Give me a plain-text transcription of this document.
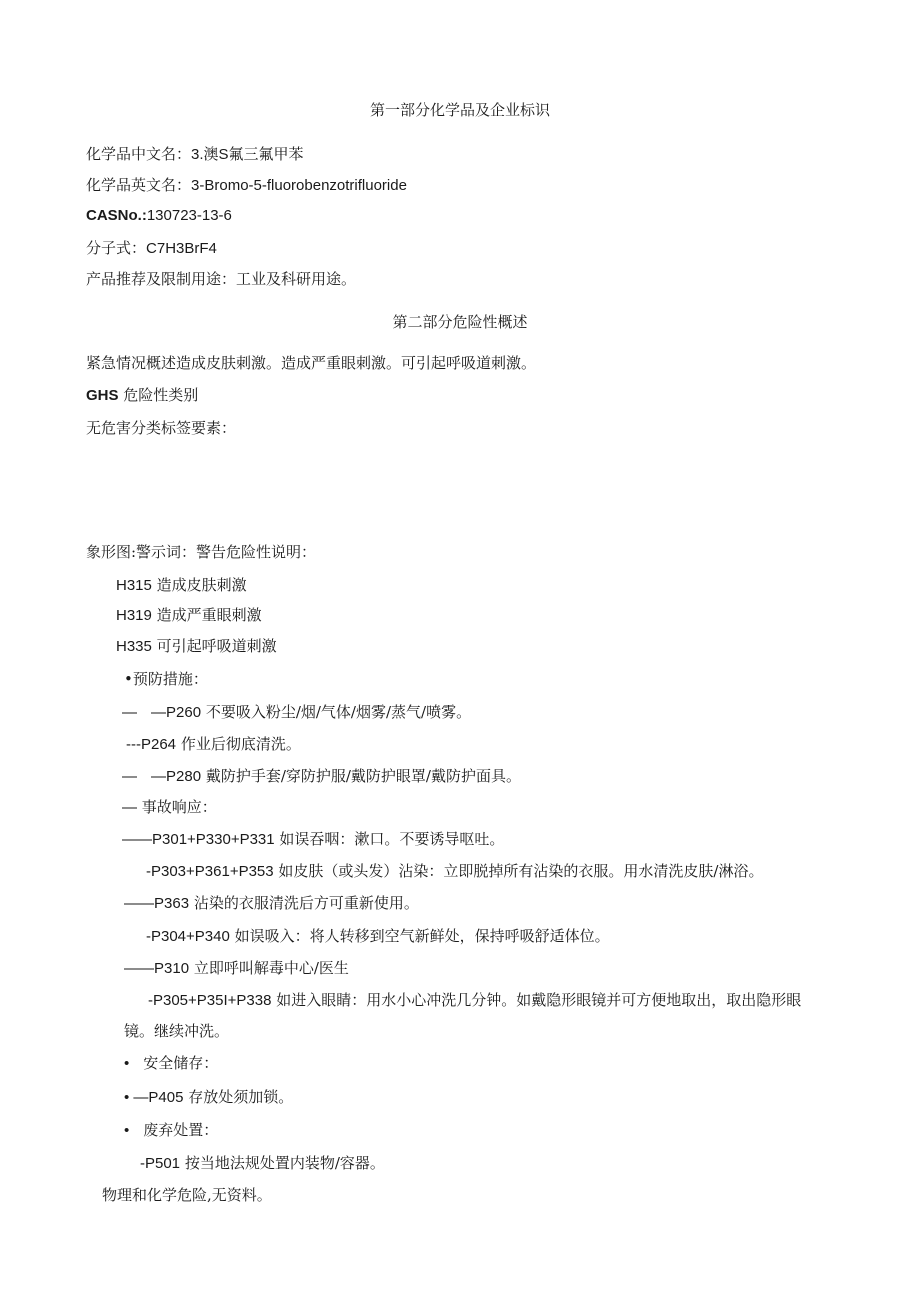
第一部分化学品及企业标识
化学品中文名：3.澳S氟三氟甲苯
化学品英文名：3-Bromo-5-fluorobenzotrifluoride
CASNo.:130723-13-6
分子式：C7H3BrF4
产品推荐及限制用途：工业及科研用途。
第二部分危险性概述
紧急情况概述造成皮肤刺激。造成严重眼刺激。可引起呼吸道刺激。
GHS 危险性类别
无危害分类标签要素：
象形图:警示词：警告危险性说明：
H315 造成皮肤刺激
H319 造成严重眼刺激
H335 可引起呼吸道刺激
•预防措施：
— —P260 不要吸入粉尘/烟/气体/烟雾/蒸气/喷雾。
---P264 作业后彻底清洗。
— —P280 戴防护手套/穿防护服/戴防护眼罩/戴防护面具。
— 事故响应：
——P301+P330+P331 如误吞咽：漱口。不要诱导呕吐。
-P303+P361+P353 如皮肤（或头发）沾染：立即脱掉所有沾染的衣服。用水清洗皮肤/淋浴。
——P363 沾染的衣服清洗后方可重新使用。
-P304+P340 如误吸入：将人转移到空气新鲜处，保持呼吸舒适体位。
——P310 立即呼叫解毒中心/医生
-P305+P35I+P338 如进入眼睛：用水小心冲洗几分钟。如戴隐形眼镜并可方便地取出，取出隐形眼
镜。继续冲洗。
• 安全储存：
• —P405 存放处须加锁。
• 废弃处置：
-P501 按当地法规处置内装物/容器。
物理和化学危险,无资料。
